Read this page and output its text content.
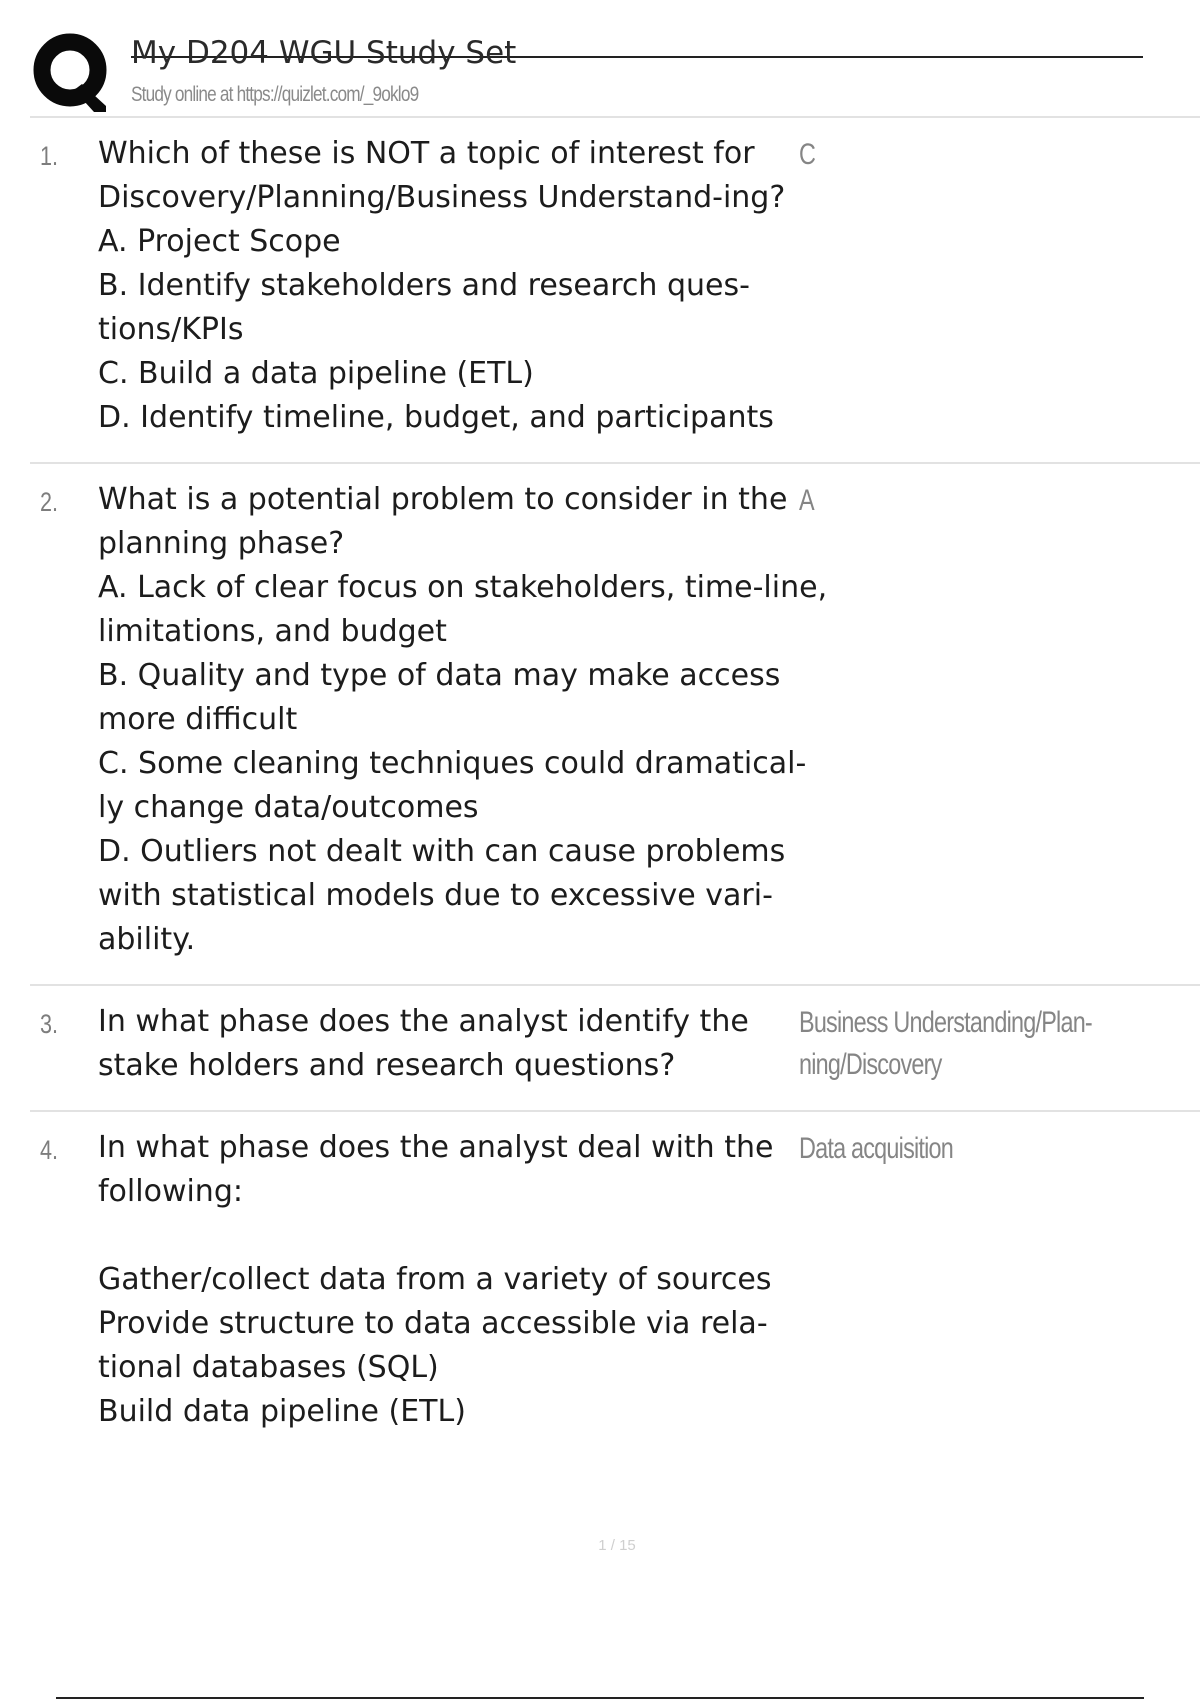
My D204 WGU Study Set
Study online at https://quizlet.com/_9oklo9
1. Which of these is NOT a topic of interest for Discovery/Planning/Business Understand-ing?
A. Project Scope
B. Identify stakeholders and research ques-tions/KPIs
C. Build a data pipeline (ETL)
D. Identify timeline, budget, and participants
C
2. What is a potential problem to consider in the planning phase?
A. Lack of clear focus on stakeholders, time-line, limitations, and budget
B. Quality and type of data may make access more difficult
C. Some cleaning techniques could dramatical-ly change data/outcomes
D. Outliers not dealt with can cause problems with statistical models due to excessive vari-ability.
A
3. In what phase does the analyst identify the stake holders and research questions?
Business Understanding/Plan-ning/Discovery
4. In what phase does the analyst deal with the following:

Gather/collect data from a variety of sources
Provide structure to data accessible via rela-tional databases (SQL)
Build data pipeline (ETL)
Data acquisition
1 / 15
